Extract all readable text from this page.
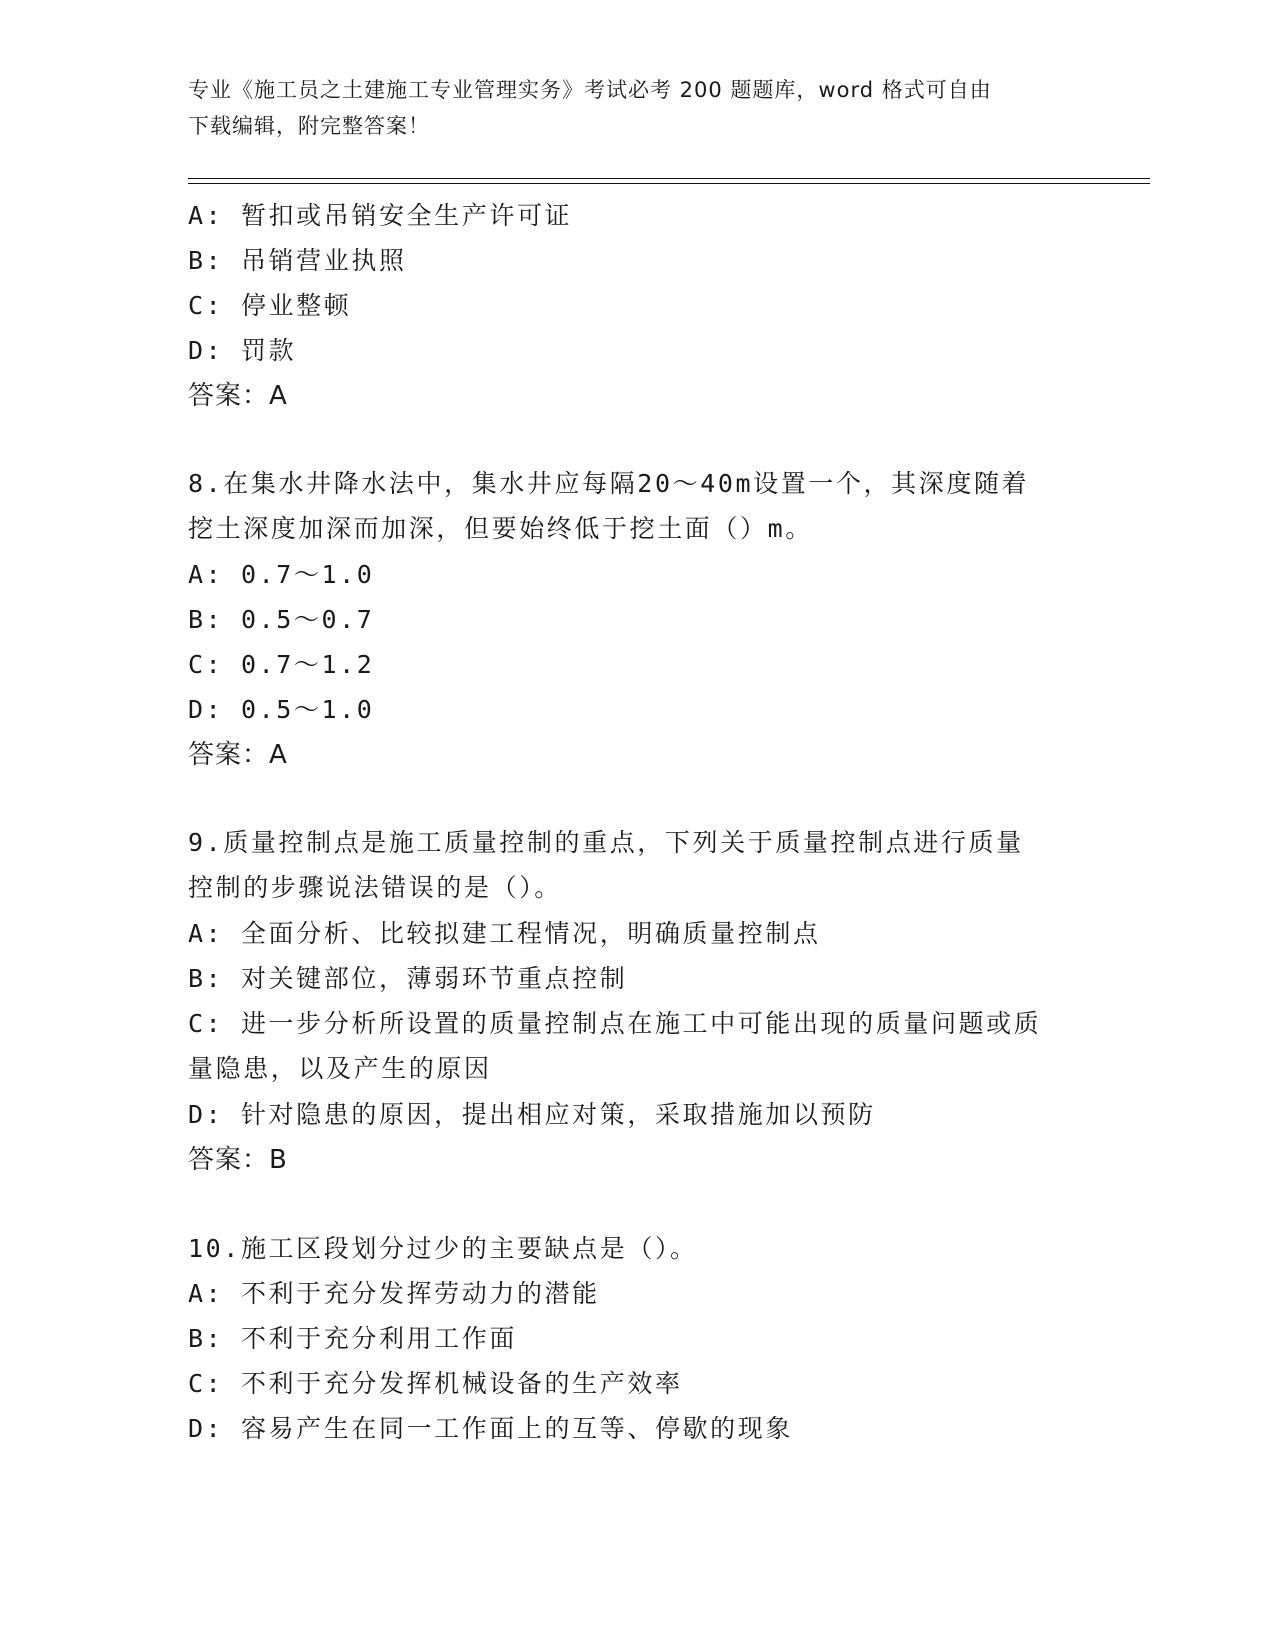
专业《施工员之土建施工专业管理实务》考试必考 200 题题库，word 格式可自由
下载编辑，附完整答案！
A: 暂扣或吊销安全生产许可证
B: 吊销营业执照
C: 停业整顿
D: 罚款
答案：A
8.在集水井降水法中，集水井应每隔20～40m设置一个，其深度随着
挖土深度加深而加深，但要始终低于挖土面（）m。
A: 0.7～1.0
B: 0.5～0.7
C: 0.7～1.2
D: 0.5～1.0
答案：A
9.质量控制点是施工质量控制的重点，下列关于质量控制点进行质量
控制的步骤说法错误的是（）。
A: 全面分析、比较拟建工程情况，明确质量控制点
B: 对关键部位，薄弱环节重点控制
C: 进一步分析所设置的质量控制点在施工中可能出现的质量问题或质
量隐患，以及产生的原因
D: 针对隐患的原因，提出相应对策，采取措施加以预防
答案：B
10.施工区段划分过少的主要缺点是（）。
A: 不利于充分发挥劳动力的潜能
B: 不利于充分利用工作面
C: 不利于充分发挥机械设备的生产效率
D: 容易产生在同一工作面上的互等、停歇的现象
